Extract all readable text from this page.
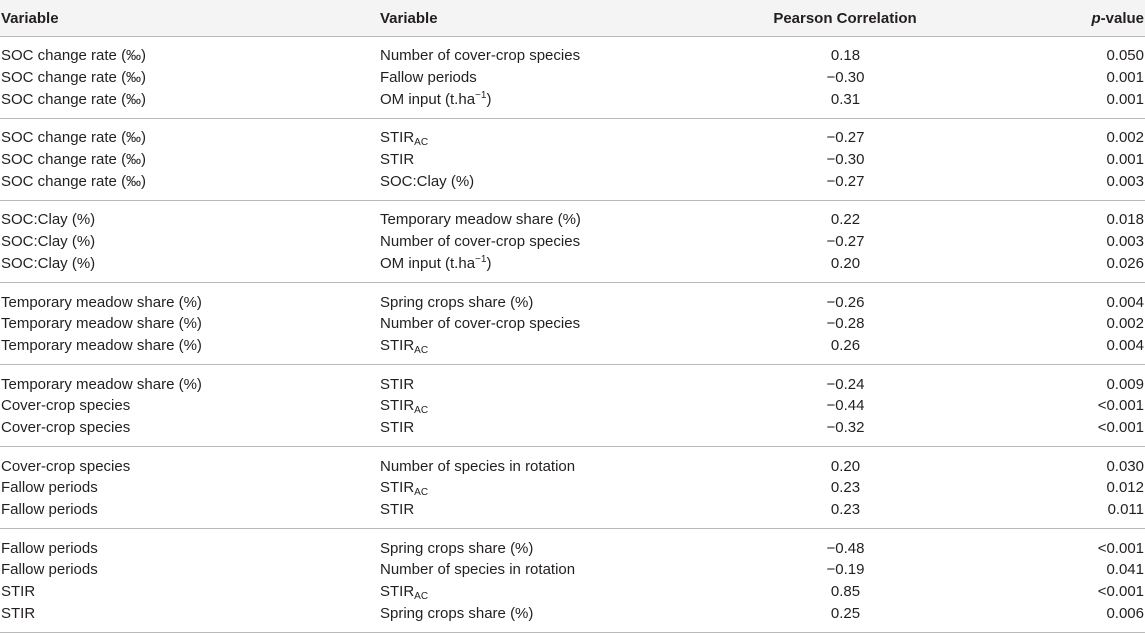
Variable	Variable	Pearson Correlation	p-value
SOC change rate (‰)	Number of cover-crop species	0.18	0.050
SOC change rate (‰)	Fallow periods	−0.30	0.001
SOC change rate (‰)	OM input $(t.ha^{-1})$	0.31	0.001
SOC change rate (‰)	$STIR_{AC}$	−0.27	0.002
SOC change rate (‰)	STIR	−0.30	0.001
SOC change rate (‰)	SOC:Clay (%)	−0.27	0.003
SOC:Clay (%)	Temporary meadow share (%)	0.22	0.018
SOC:Clay (%)	Number of cover-crop species	−0.27	0.003
SOC:Clay (%)	OM input $(t.ha^{-1})$	0.20	0.026
Temporary meadow share (%)	Spring crops share (%)	−0.26	0.004
Temporary meadow share (%)	Number of cover-crop species	−0.28	0.002
Temporary meadow share (%)	$STIR_{AC}$	0.26	0.004
Temporary meadow share (%)	STIR	−0.24	0.009
Cover-crop species	$STIR_{AC}$	−0.44	<0.001
Cover-crop species	STIR	−0.32	<0.001
Cover-crop species	Number of species in rotation	0.20	0.030
Fallow periods	$STIR_{AC}$	0.23	0.012
Fallow periods	STIR	0.23	0.011
Fallow periods	Spring crops share (%)	−0.48	<0.001
Fallow periods	Number of species in rotation	−0.19	0.041
STIR	$STIR_{AC}$	0.85	<0.001
STIR	Spring crops share (%)	0.25	0.006
